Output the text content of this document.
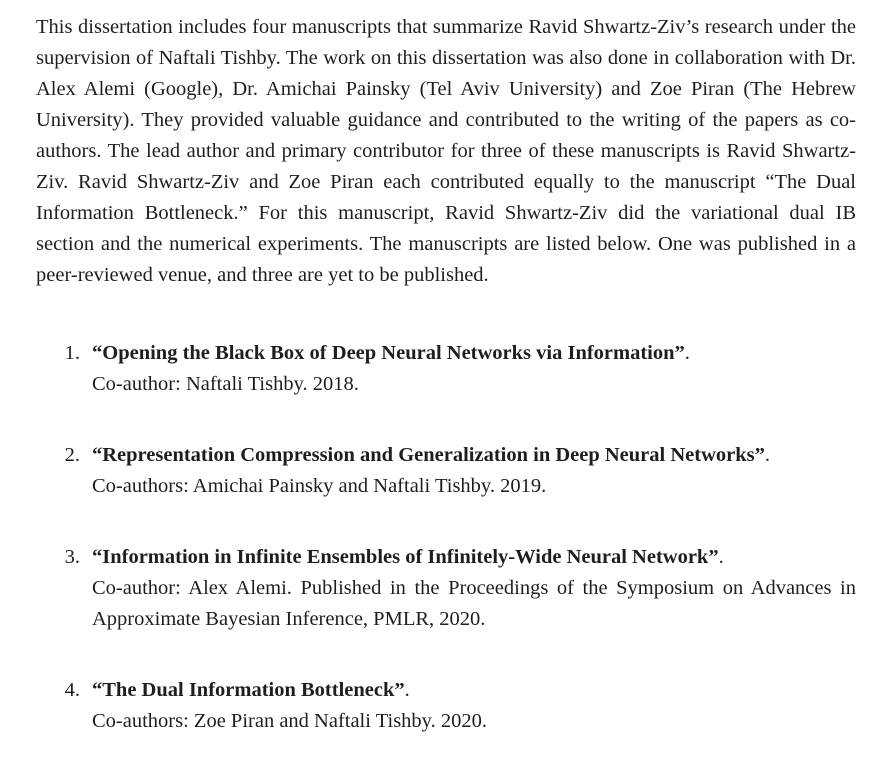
This dissertation includes four manuscripts that summarize Ravid Shwartz-Ziv’s research under the supervision of Naftali Tishby. The work on this dissertation was also done in collaboration with Dr. Alex Alemi (Google), Dr. Amichai Painsky (Tel Aviv University) and Zoe Piran (The Hebrew University). They provided valuable guidance and contributed to the writing of the papers as co-authors. The lead author and primary contributor for three of these manuscripts is Ravid Shwartz-Ziv. Ravid Shwartz-Ziv and Zoe Piran each contributed equally to the manuscript “The Dual Information Bottleneck.” For this manuscript, Ravid Shwartz-Ziv did the variational dual IB section and the numerical experiments. The manuscripts are listed below. One was published in a peer-reviewed venue, and three are yet to be published.

1. “Opening the Black Box of Deep Neural Networks via Information”.
Co-author: Naftali Tishby. 2018.
2. “Representation Compression and Generalization in Deep Neural Networks”.
Co-authors: Amichai Painsky and Naftali Tishby. 2019.
3. “Information in Infinite Ensembles of Infinitely-Wide Neural Network”.
Co-author: Alex Alemi. Published in the Proceedings of the Symposium on Advances in Approximate Bayesian Inference, PMLR, 2020.
4. “The Dual Information Bottleneck”.
Co-authors: Zoe Piran and Naftali Tishby. 2020.
